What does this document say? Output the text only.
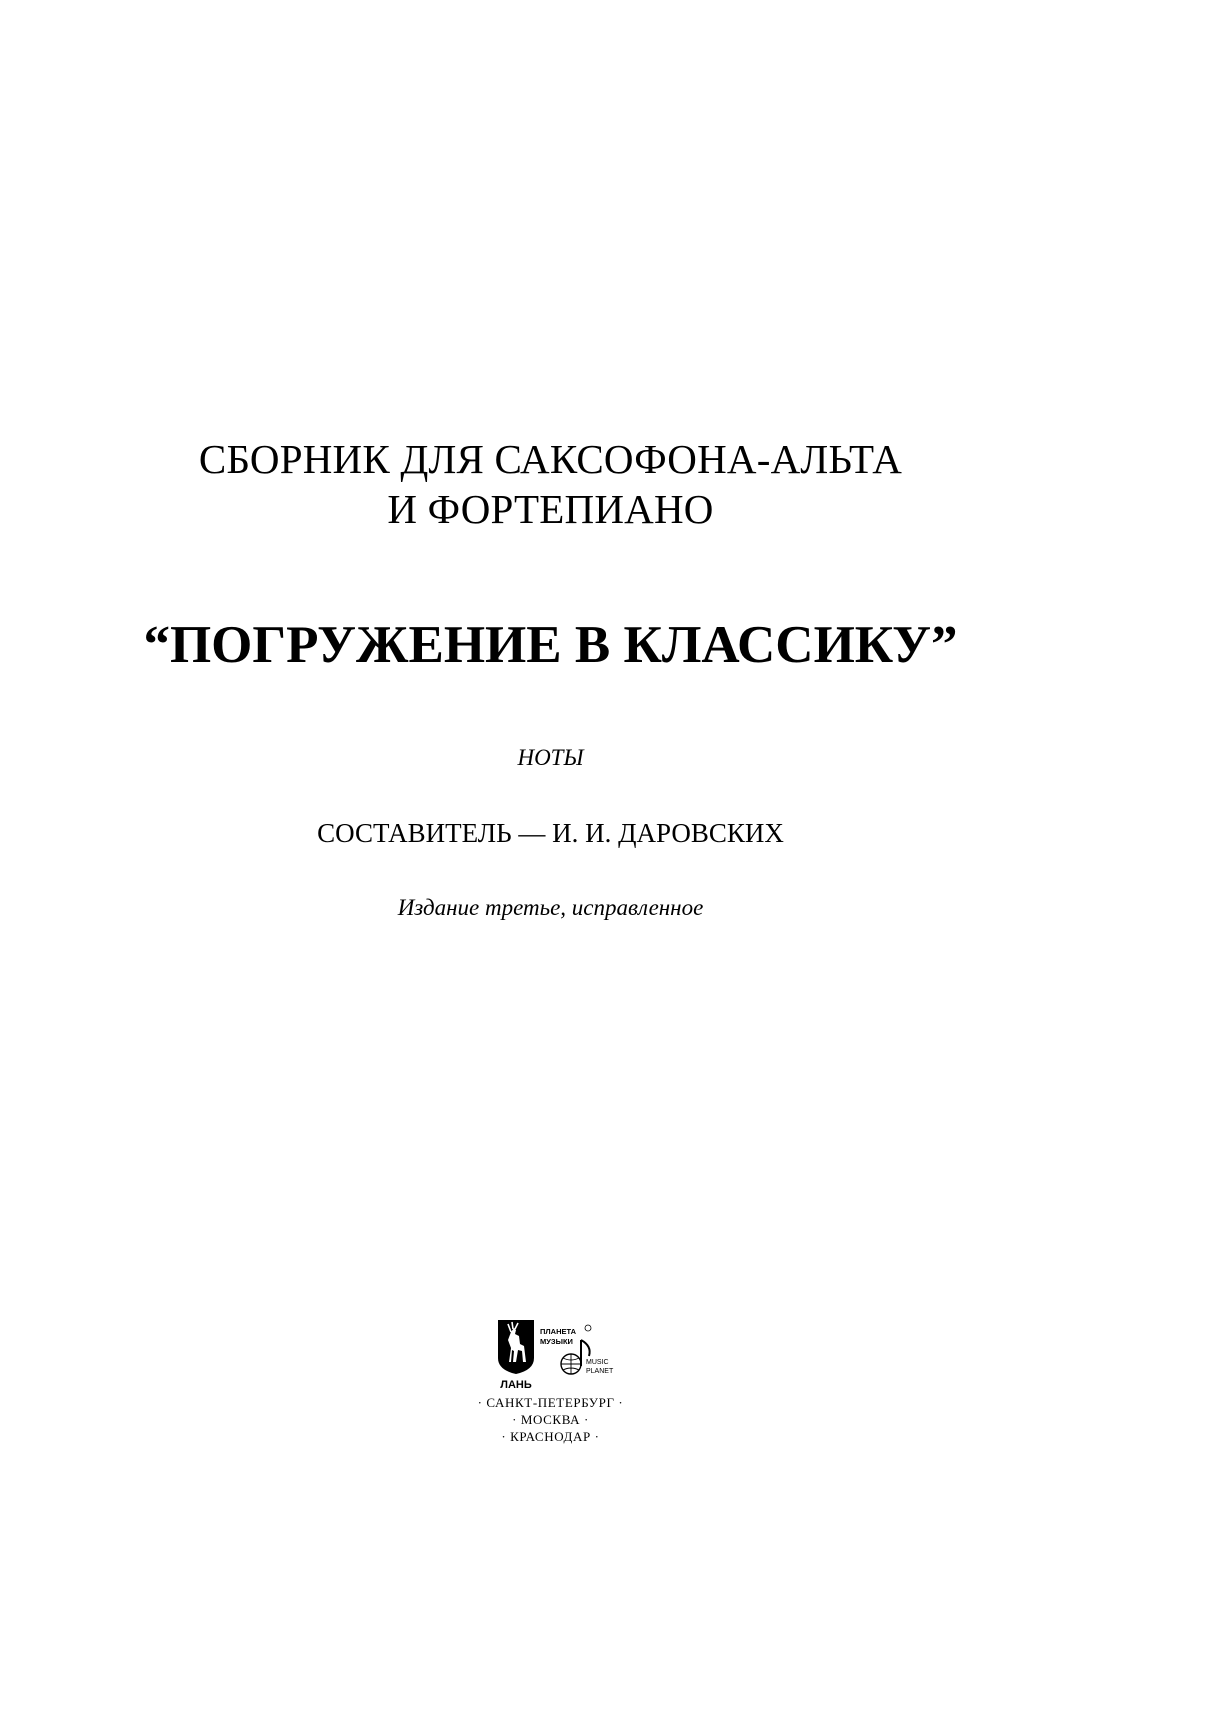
СБОРНИК ДЛЯ САКСОФОНА-АЛЬТА
И ФОРТЕПИАНО
“ПОГРУЖЕНИЕ В КЛАССИКУ”
НОТЫ
СОСТАВИТЕЛЬ — И. И. ДАРОВСКИХ
Издание третье, исправленное
ЛАНЬ
ПЛАНЕТА
МУЗЫКИ
MUSIC
PLANET
· САНКТ-ПЕТЕРБУРГ ·
· МОСКВА ·
· КРАСНОДАР ·
